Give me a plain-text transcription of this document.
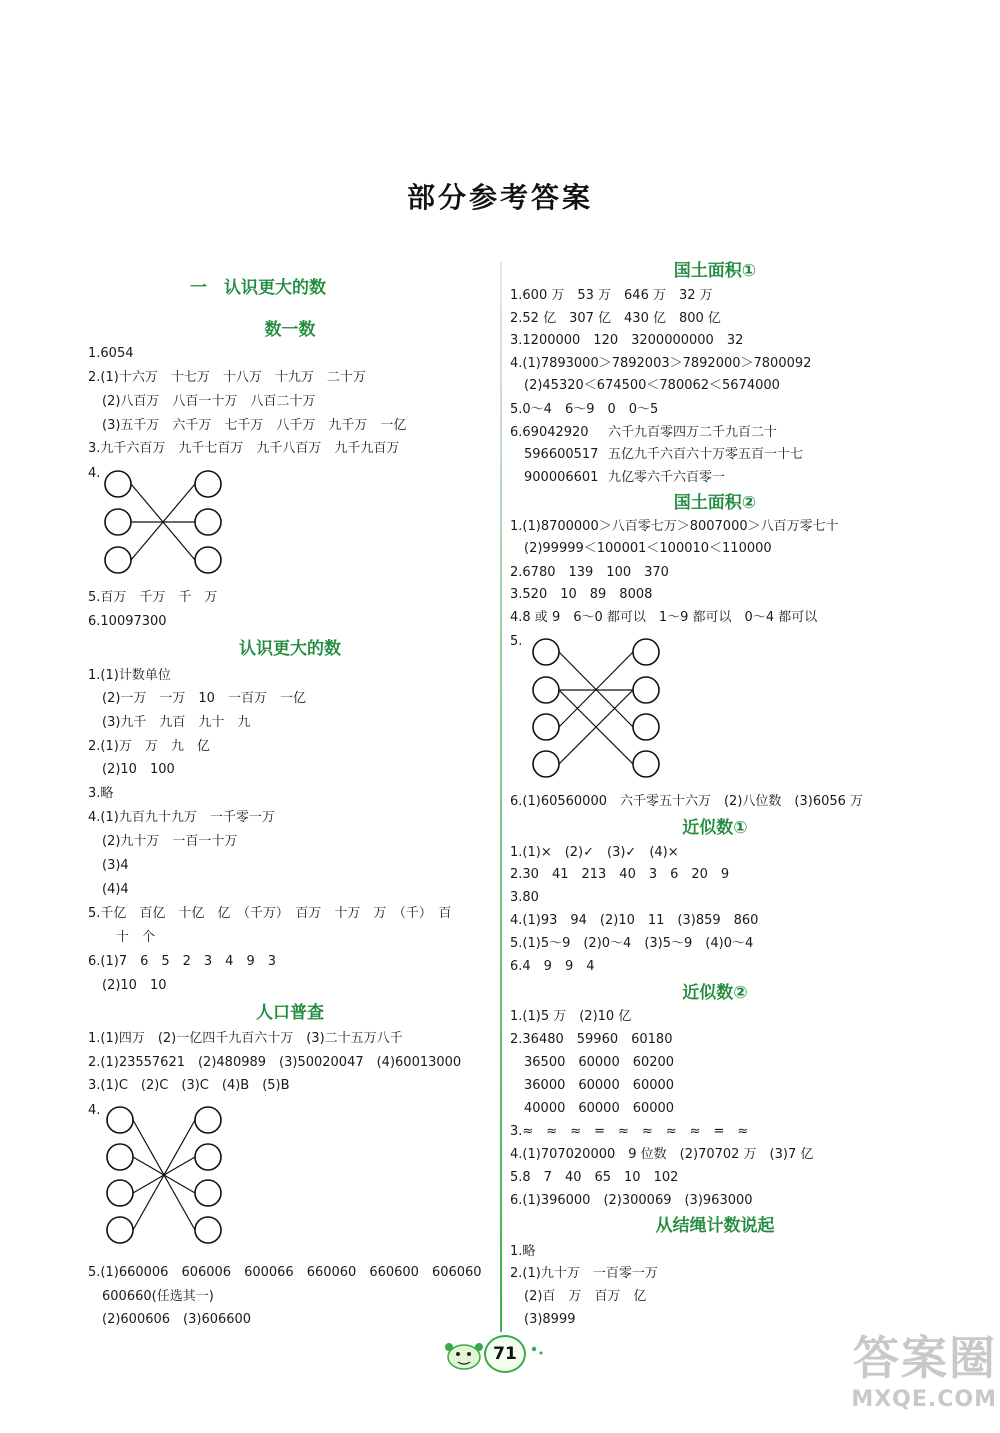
部分参考答案
一　认识更大的数
数一数
1.6054
2.(1)十六万　十七万　十八万　十九万　二十万
(2)八百万　八百一十万　八百二十万
(3)五千万　六千万　七千万　八千万　九千万　一亿
3.九千六百万　九千七百万　九千八百万　九千九百万
4.
5.百万　千万　千　万
6.10097300
认识更大的数
1.(1)计数单位
(2)一万　一万　10　一百万　一亿
(3)九千　九百　九十　九
2.(1)万　万　九　亿
(2)10　100
3.略
4.(1)九百九十九万　一千零一万
(2)九十万　一百一十万
(3)4
(4)4
5.千亿　百亿　十亿　亿　（千万）　百万　十万　万　（千）　百
十　个
6.(1)7　6　5　2　3　4　9　3
(2)10　10
人口普查
1.(1)四万　(2)一亿四千九百六十万　(3)二十五万八千
2.(1)23557621　(2)480989　(3)50020047　(4)60013000
3.(1)C　(2)C　(3)C　(4)B　(5)B
4.
5.(1)660006　606006　600066　660060　660600　606060
600660(任选其一)
(2)600606　(3)606600
国土面积①
1.600 万　53 万　646 万　32 万
2.52 亿　307 亿　430 亿　800 亿
3.1200000　120　3200000000　32
4.(1)7893000＞7892003＞7892000＞7800092
(2)45320＜674500＜780062＜5674000
5.0～4　6～9　0　0～5
6.69042920 六千九百零四万二千九百二十
596600517 五亿九千六百六十万零五百一十七
900006601 九亿零六千六百零一
国土面积②
1.(1)8700000＞八百零七万＞8007000＞八百万零七十
(2)99999＜100001＜100010＜110000
2.6780　139　100　370
3.520　10　89　8008
4.8 或 9　6～0 都可以　1～9 都可以　0～4 都可以
5.
6.(1)60560000　六千零五十六万　(2)八位数　(3)6056 万
近似数①
1.(1)×　(2)✓　(3)✓　(4)×
2.30　41　213　40　3　6　20　9
3.80
4.(1)93　94　(2)10　11　(3)859　860
5.(1)5～9　(2)0～4　(3)5～9　(4)0～4
6.4　9　9　4
近似数②
1.(1)5 万　(2)10 亿
2.36480　59960　60180
36500　60000　60200
36000　60000　60000
40000　60000　60000
3.≈　≈　≈　=　≈　≈　≈　≈　=　≈
4.(1)707020000　9 位数　(2)70702 万　(3)7 亿
5.8　7　40　65　10　102
6.(1)396000　(2)300069　(3)963000
从结绳计数说起
1.略
2.(1)九十万　一百零一万
(2)百　万　百万　亿
(3)8999
71	答案圈
MXQE.COM
